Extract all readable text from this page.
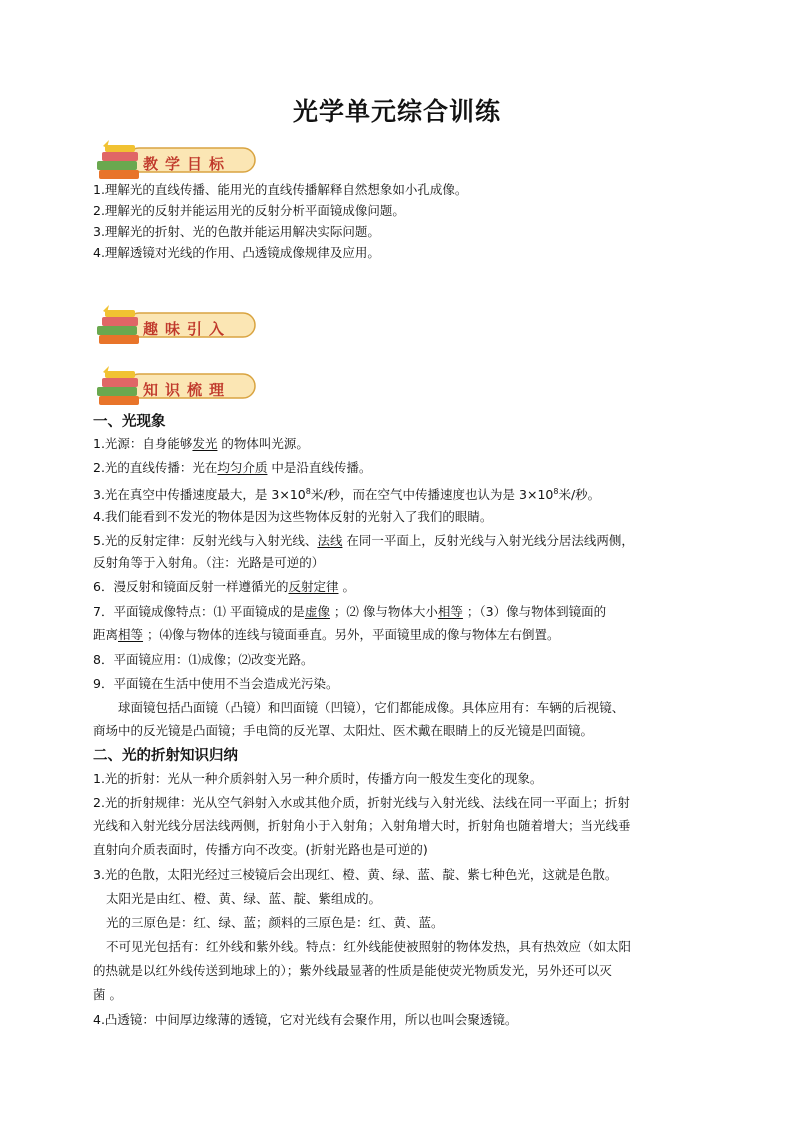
光学单元综合训练
教学目标
1.理解光的直线传播、能用光的直线传播解释自然想象如小孔成像。
2.理解光的反射并能运用光的反射分析平面镜成像问题。
3.理解光的折射、光的色散并能运用解决实际问题。
4.理解透镜对光线的作用、凸透镜成像规律及应用。
趣味引入
知识梳理
一、光现象
1.光源：自身能够发光 的物体叫光源。
2.光的直线传播：光在均匀介质 中是沿直线传播。
3.光在真空中传播速度最大，是 $3\times 10^8$米/秒，而在空气中传播速度也认为是 $3\times 10^8$米/秒。
4.我们能看到不发光的物体是因为这些物体反射的光射入了我们的眼睛。
5.光的反射定律：反射光线与入射光线、法线 在同一平面上，反射光线与入射光线分居法线两侧，
反射角等于入射角。（注：光路是可逆的）
6．漫反射和镜面反射一样遵循光的反射定律 。
7．平面镜成像特点：⑴ 平面镜成的是虚像 ；⑵ 像与物体大小相等 ；（3）像与物体到镜面的
距离相等 ；⑷像与物体的连线与镜面垂直。另外，平面镜里成的像与物体左右倒置。
8．平面镜应用：⑴成像；⑵改变光路。
9．平面镜在生活中使用不当会造成光污染。
球面镜包括凸面镜（凸镜）和凹面镜（凹镜），它们都能成像。具体应用有：车辆的后视镜、
商场中的反光镜是凸面镜；手电筒的反光罩、太阳灶、医术戴在眼睛上的反光镜是凹面镜。
二、光的折射知识归纳
1.光的折射：光从一种介质斜射入另一种介质时，传播方向一般发生变化的现象。
2.光的折射规律：光从空气斜射入水或其他介质，折射光线与入射光线、法线在同一平面上；折射
光线和入射光线分居法线两侧，折射角小于入射角；入射角增大时，折射角也随着增大；当光线垂
直射向介质表面时，传播方向不改变。(折射光路也是可逆的)
3.光的色散，太阳光经过三棱镜后会出现红、橙、黄、绿、蓝、靛、紫七种色光，这就是色散。
太阳光是由红、橙、黄、绿、蓝、靛、紫组成的。
光的三原色是：红、绿、蓝；颜料的三原色是：红、黄、蓝。
不可见光包括有：红外线和紫外线。特点：红外线能使被照射的物体发热，具有热效应（如太阳
的热就是以红外线传送到地球上的）；紫外线最显著的性质是能使荧光物质发光，另外还可以灭
菌 。
4.凸透镜：中间厚边缘薄的透镜，它对光线有会聚作用，所以也叫会聚透镜。
